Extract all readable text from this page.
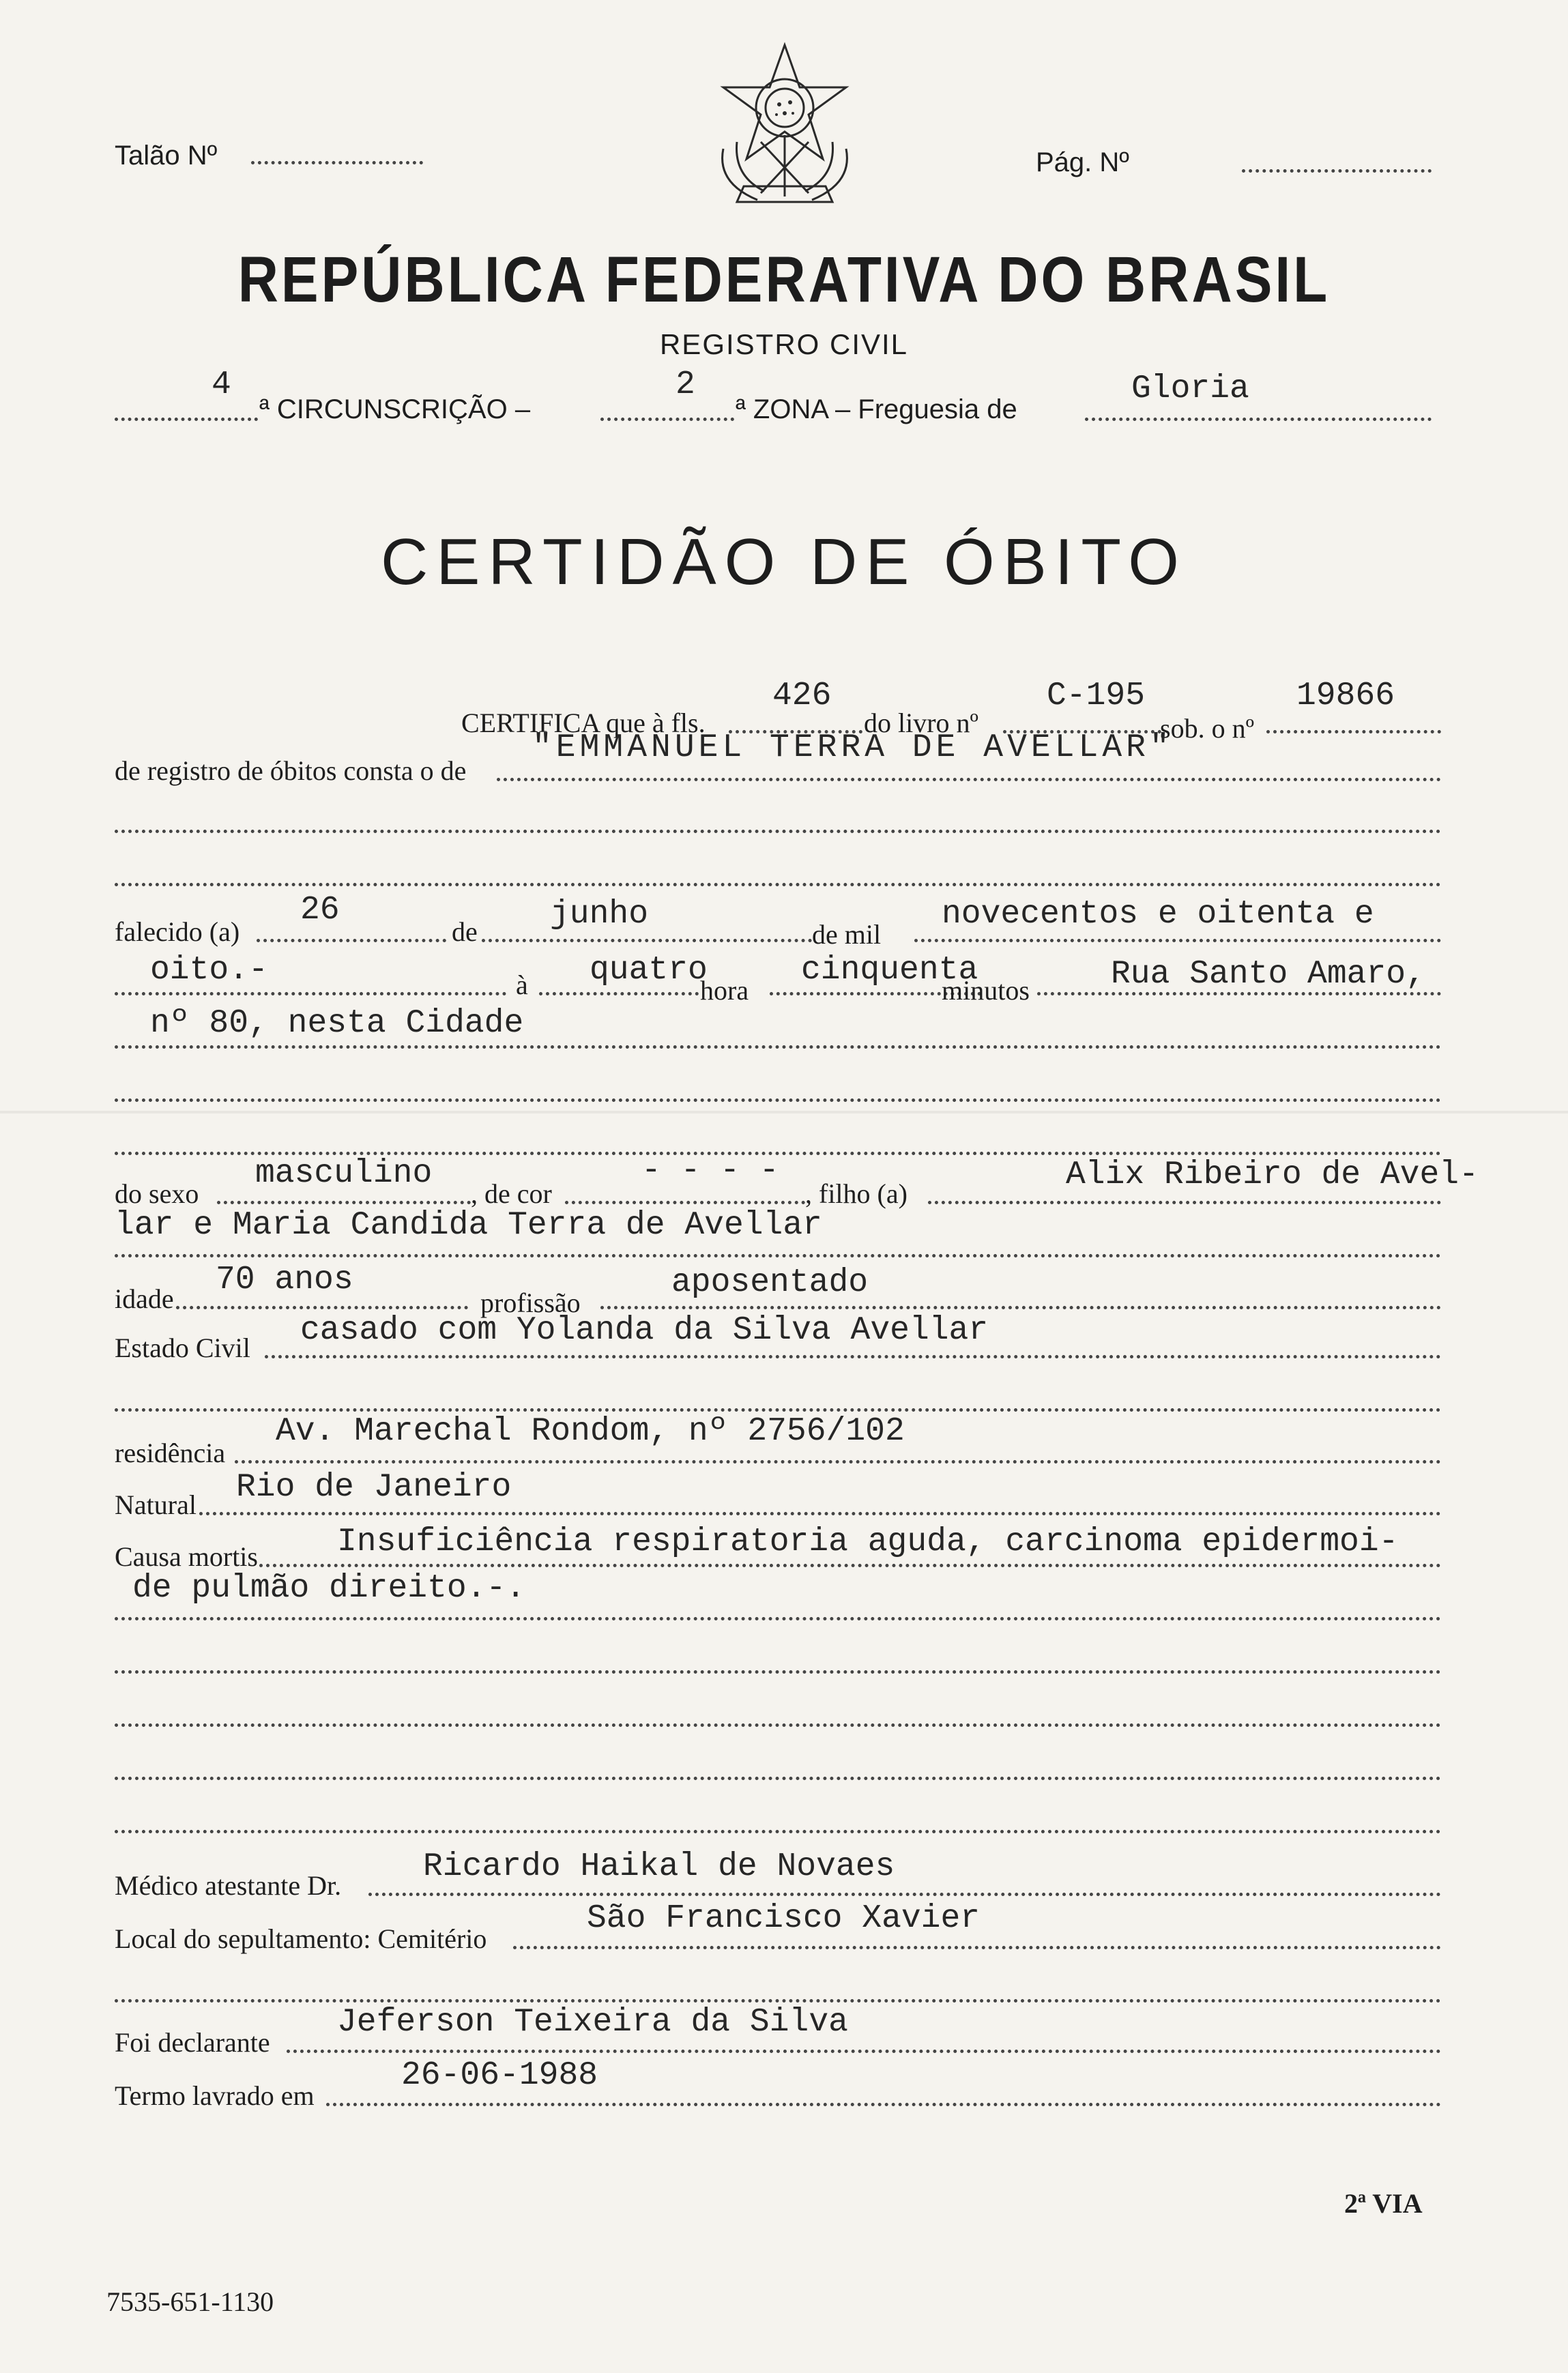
Talão Nº	Pág. Nº
REPÚBLICA FEDERATIVA DO BRASIL
REGISTRO CIVIL
4
ª CIRCUNSCRIÇÃO –
2
ª ZONA – Freguesia de
Gloria
CERTIDÃO DE ÓBITO
CERTIFICA que à fls.
426
do livro nº
C-195
sob. o nº
19866
de registro de óbitos consta o de
"EMMANUEL TERRA DE AVELLAR"
falecido (a)
26
de junho
de mil
novecentos e oitenta e
oito.-	à quatro
hora
cinquenta
minutos Rua Santo Amaro,
nº 80, nesta Cidade
do sexo
masculino
, de cor
- - - -
, filho (a)
Alix Ribeiro de Avel-
lar e Maria Candida Terra de Avellar
idade
70 anos
profissão
aposentado
Estado Civil casado com Yolanda da Silva Avellar
residência
Av. Marechal Rondom, nº 2756/102
Natural Rio de Janeiro
Causa mortis Insuficiência respiratoria aguda, carcinoma epidermoi-
de pulmão direito.-.
Médico atestante Dr.
Ricardo Haikal de Novaes
Local do sepultamento: Cemitério
São Francisco Xavier
Foi declarante
Jeferson Teixeira da Silva
Termo lavrado em
26-06-1988
2ª VIA
7535-651-1130
